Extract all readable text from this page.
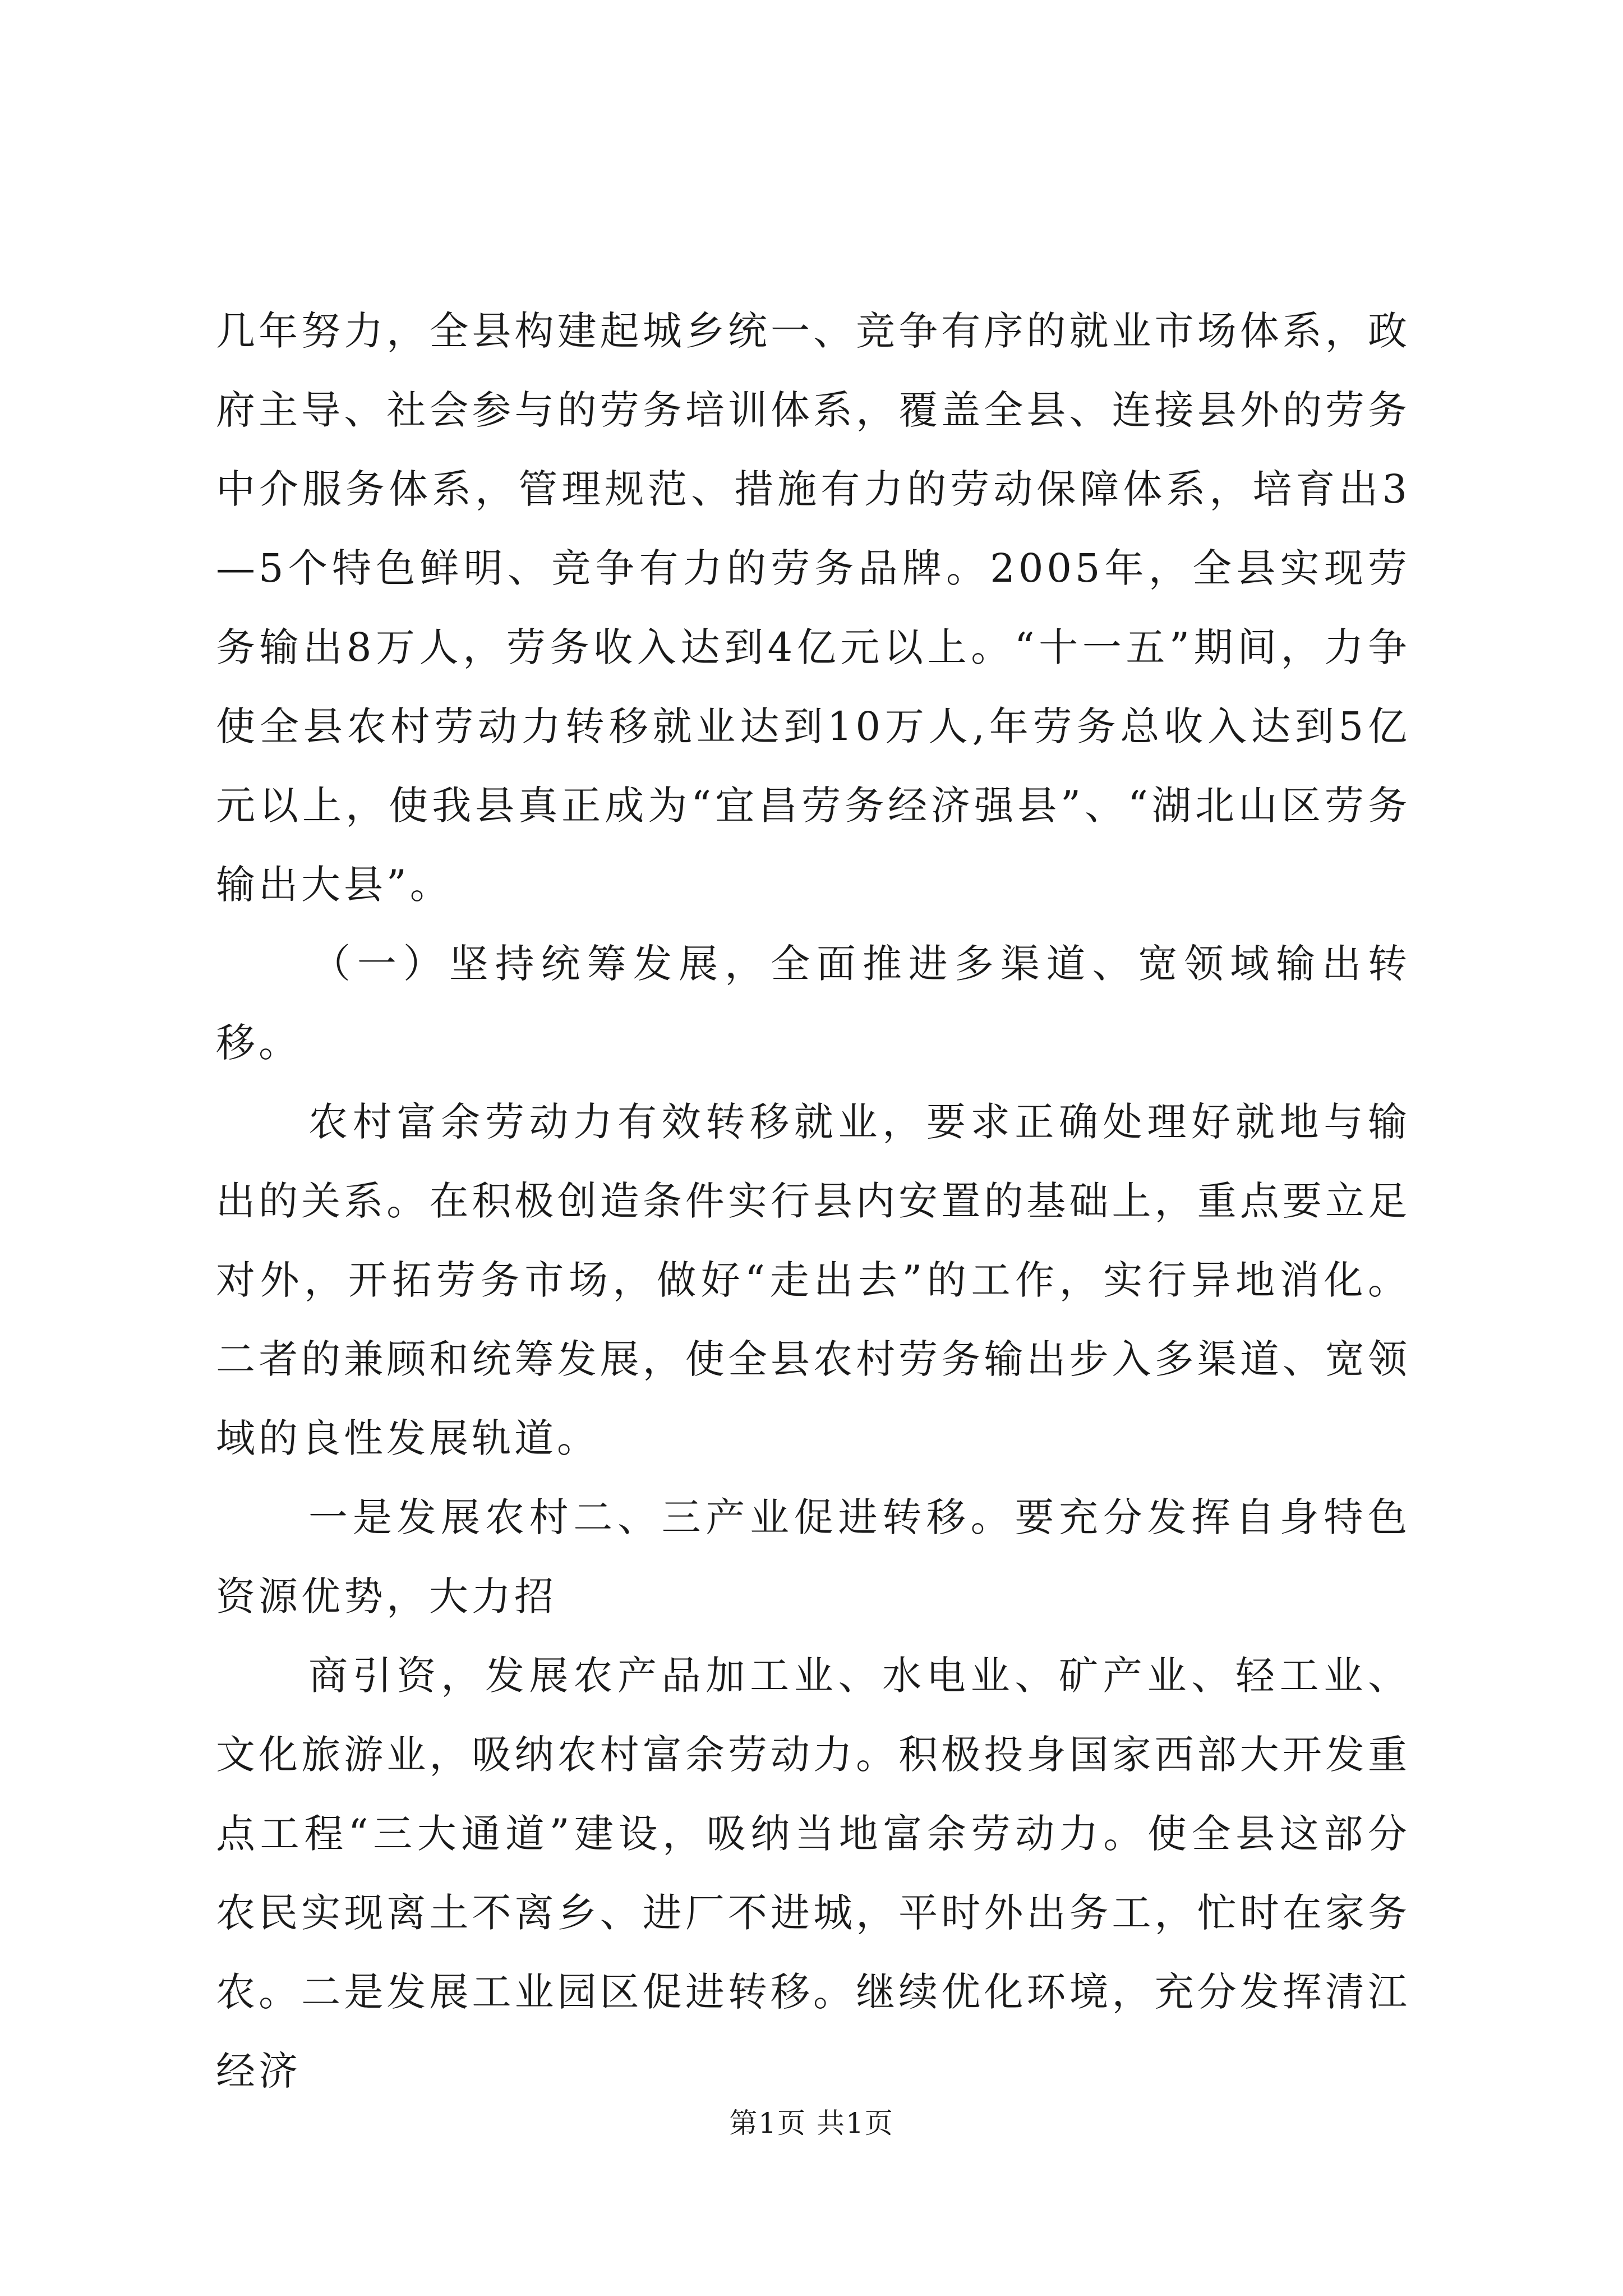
几年努力，全县构建起城乡统一、竞争有序的就业市场体系，政府主导、社会参与的劳务培训体系，覆盖全县、连接县外的劳务中介服务体系，管理规范、措施有力的劳动保障体系，培育出3—5个特色鲜明、竞争有力的劳务品牌。2005年，全县实现劳务输出8万人，劳务收入达到4亿元以上。“十一五”期间，力争使全县农村劳动力转移就业达到10万人,年劳务总收入达到5亿元以上，使我县真正成为“宜昌劳务经济强县”、“湖北山区劳务输出大县”。

（一）坚持统筹发展，全面推进多渠道、宽领域输出转移。

农村富余劳动力有效转移就业，要求正确处理好就地与输出的关系。在积极创造条件实行县内安置的基础上，重点要立足对外，开拓劳务市场，做好“走出去”的工作，实行异地消化。二者的兼顾和统筹发展，使全县农村劳务输出步入多渠道、宽领域的良性发展轨道。

一是发展农村二、三产业促进转移。要充分发挥自身特色资源优势，大力招

商引资，发展农产品加工业、水电业、矿产业、轻工业、文化旅游业，吸纳农村富余劳动力。积极投身国家西部大开发重点工程“三大通道”建设，吸纳当地富余劳动力。使全县这部分农民实现离土不离乡、进厂不进城，平时外出务工，忙时在家务农。二是发展工业园区促进转移。继续优化环境，充分发挥清江经济

第1页 共1页
